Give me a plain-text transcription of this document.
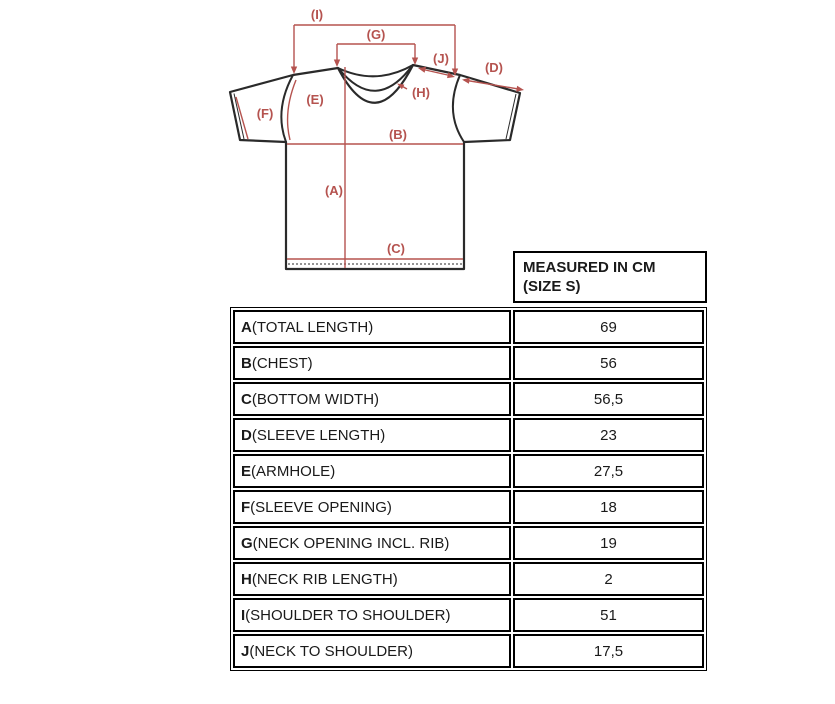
(I)
(G)
(J)
(D)
(E)	(H)
(F)
(B)
(A)
(C)
MEASURED IN CM (SIZE S)
A(TOTAL LENGTH)	69
B(CHEST)	56
C(BOTTOM WIDTH)	56,5
D(SLEEVE LENGTH)	23
E(ARMHOLE)	27,5
F(SLEEVE OPENING)	18
G(NECK OPENING INCL. RIB)	19
H(NECK RIB LENGTH)	2
I(SHOULDER TO SHOULDER)	51
J(NECK TO SHOULDER)	17,5
